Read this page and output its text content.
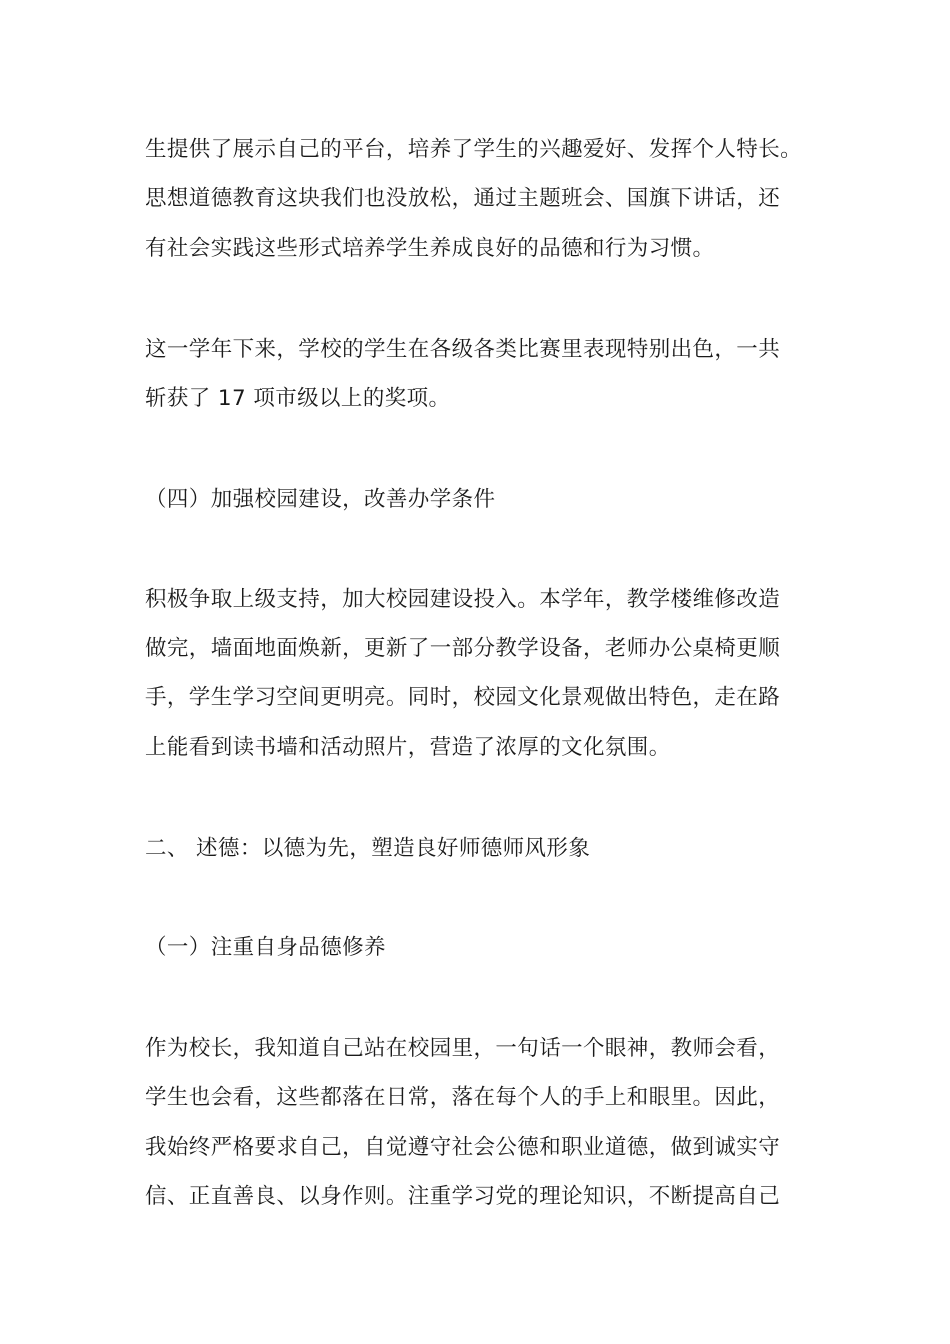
生提供了展示自己的平台，培养了学生的兴趣爱好、发挥个人特长。
思想道德教育这块我们也没放松，通过主题班会、国旗下讲话，还
有社会实践这些形式培养学生养成良好的品德和行为习惯。
这一学年下来，学校的学生在各级各类比赛里表现特别出色，一共
斩获了 17 项市级以上的奖项。
（四）加强校园建设，改善办学条件
积极争取上级支持，加大校园建设投入。本学年，教学楼维修改造
做完，墙面地面焕新，更新了一部分教学设备，老师办公桌椅更顺
手，学生学习空间更明亮。同时，校园文化景观做出特色，走在路
上能看到读书墙和活动照片，营造了浓厚的文化氛围。
二、 述德：以德为先，塑造良好师德师风形象
（一）注重自身品德修养
作为校长，我知道自己站在校园里，一句话一个眼神，教师会看，
学生也会看，这些都落在日常，落在每个人的手上和眼里。因此，
我始终严格要求自己，自觉遵守社会公德和职业道德，做到诚实守
信、正直善良、以身作则。注重学习党的理论知识，不断提高自己
